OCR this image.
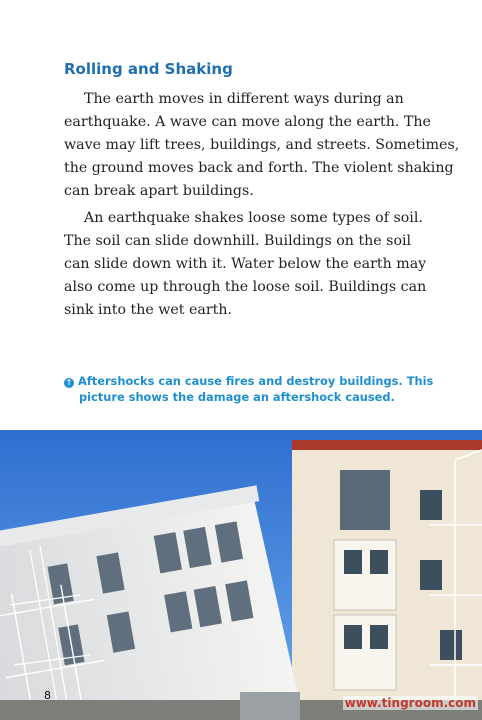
Rolling and Shaking

The earth moves in different ways during an
earthquake. A wave can move along the earth. The
wave may lift trees, buildings, and streets. Sometimes,
the ground moves back and forth. The violent shaking
can break apart buildings.

An earthquake shakes loose some types of soil.
The soil can slide downhill. Buildings on the soil
can slide down with it. Water below the earth may
also come up through the loose soil. Buildings can
sink into the wet earth.

↑ Aftershocks can cause fires and destroy buildings. This
picture shows the damage an aftershock caused.
8
www.tingroom.com
